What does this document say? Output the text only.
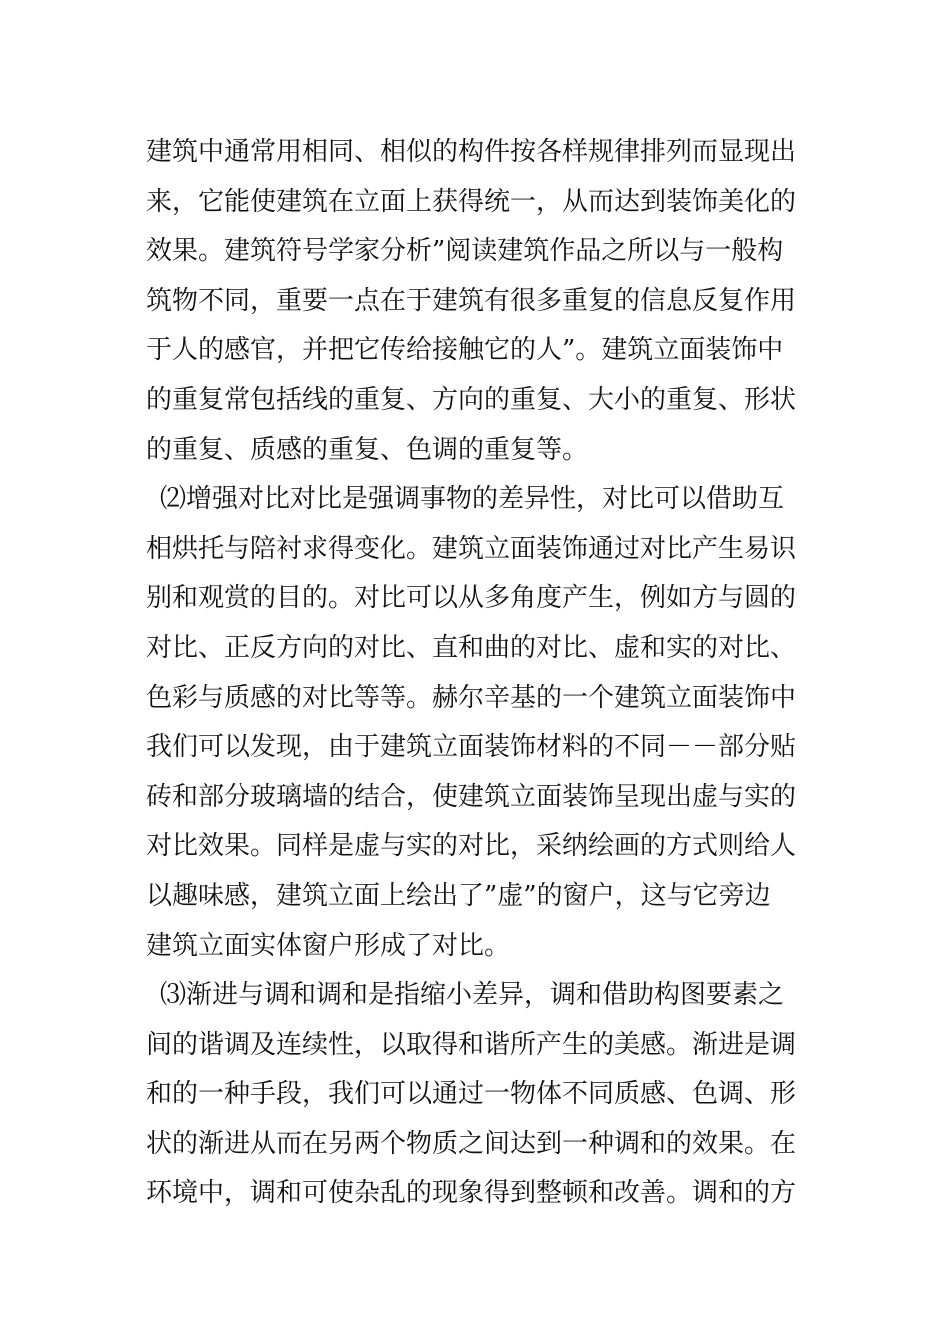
建筑中通常用相同、相似的构件按各样规律排列而显现出
来，它能使建筑在立面上获得统一，从而达到装饰美化的
效果。建筑符号学家分析”阅读建筑作品之所以与一般构
筑物不同，重要一点在于建筑有很多重复的信息反复作用
于人的感官，并把它传给接触它的人”。建筑立面装饰中
的重复常包括线的重复、方向的重复、大小的重复、形状
的重复、质感的重复、色调的重复等。
⑵增强对比对比是强调事物的差异性，对比可以借助互
相烘托与陪衬求得变化。建筑立面装饰通过对比产生易识
别和观赏的目的。对比可以从多角度产生，例如方与圆的
对比、正反方向的对比、直和曲的对比、虚和实的对比、
色彩与质感的对比等等。赫尔辛基的一个建筑立面装饰中
我们可以发现，由于建筑立面装饰材料的不同－－部分贴
砖和部分玻璃墙的结合，使建筑立面装饰呈现出虚与实的
对比效果。同样是虚与实的对比，采纳绘画的方式则给人
以趣味感，建筑立面上绘出了”虚”的窗户，这与它旁边
建筑立面实体窗户形成了对比。
⑶渐进与调和调和是指缩小差异，调和借助构图要素之
间的谐调及连续性，以取得和谐所产生的美感。渐进是调
和的一种手段，我们可以通过一物体不同质感、色调、形
状的渐进从而在另两个物质之间达到一种调和的效果。在
环境中，调和可使杂乱的现象得到整顿和改善。调和的方
